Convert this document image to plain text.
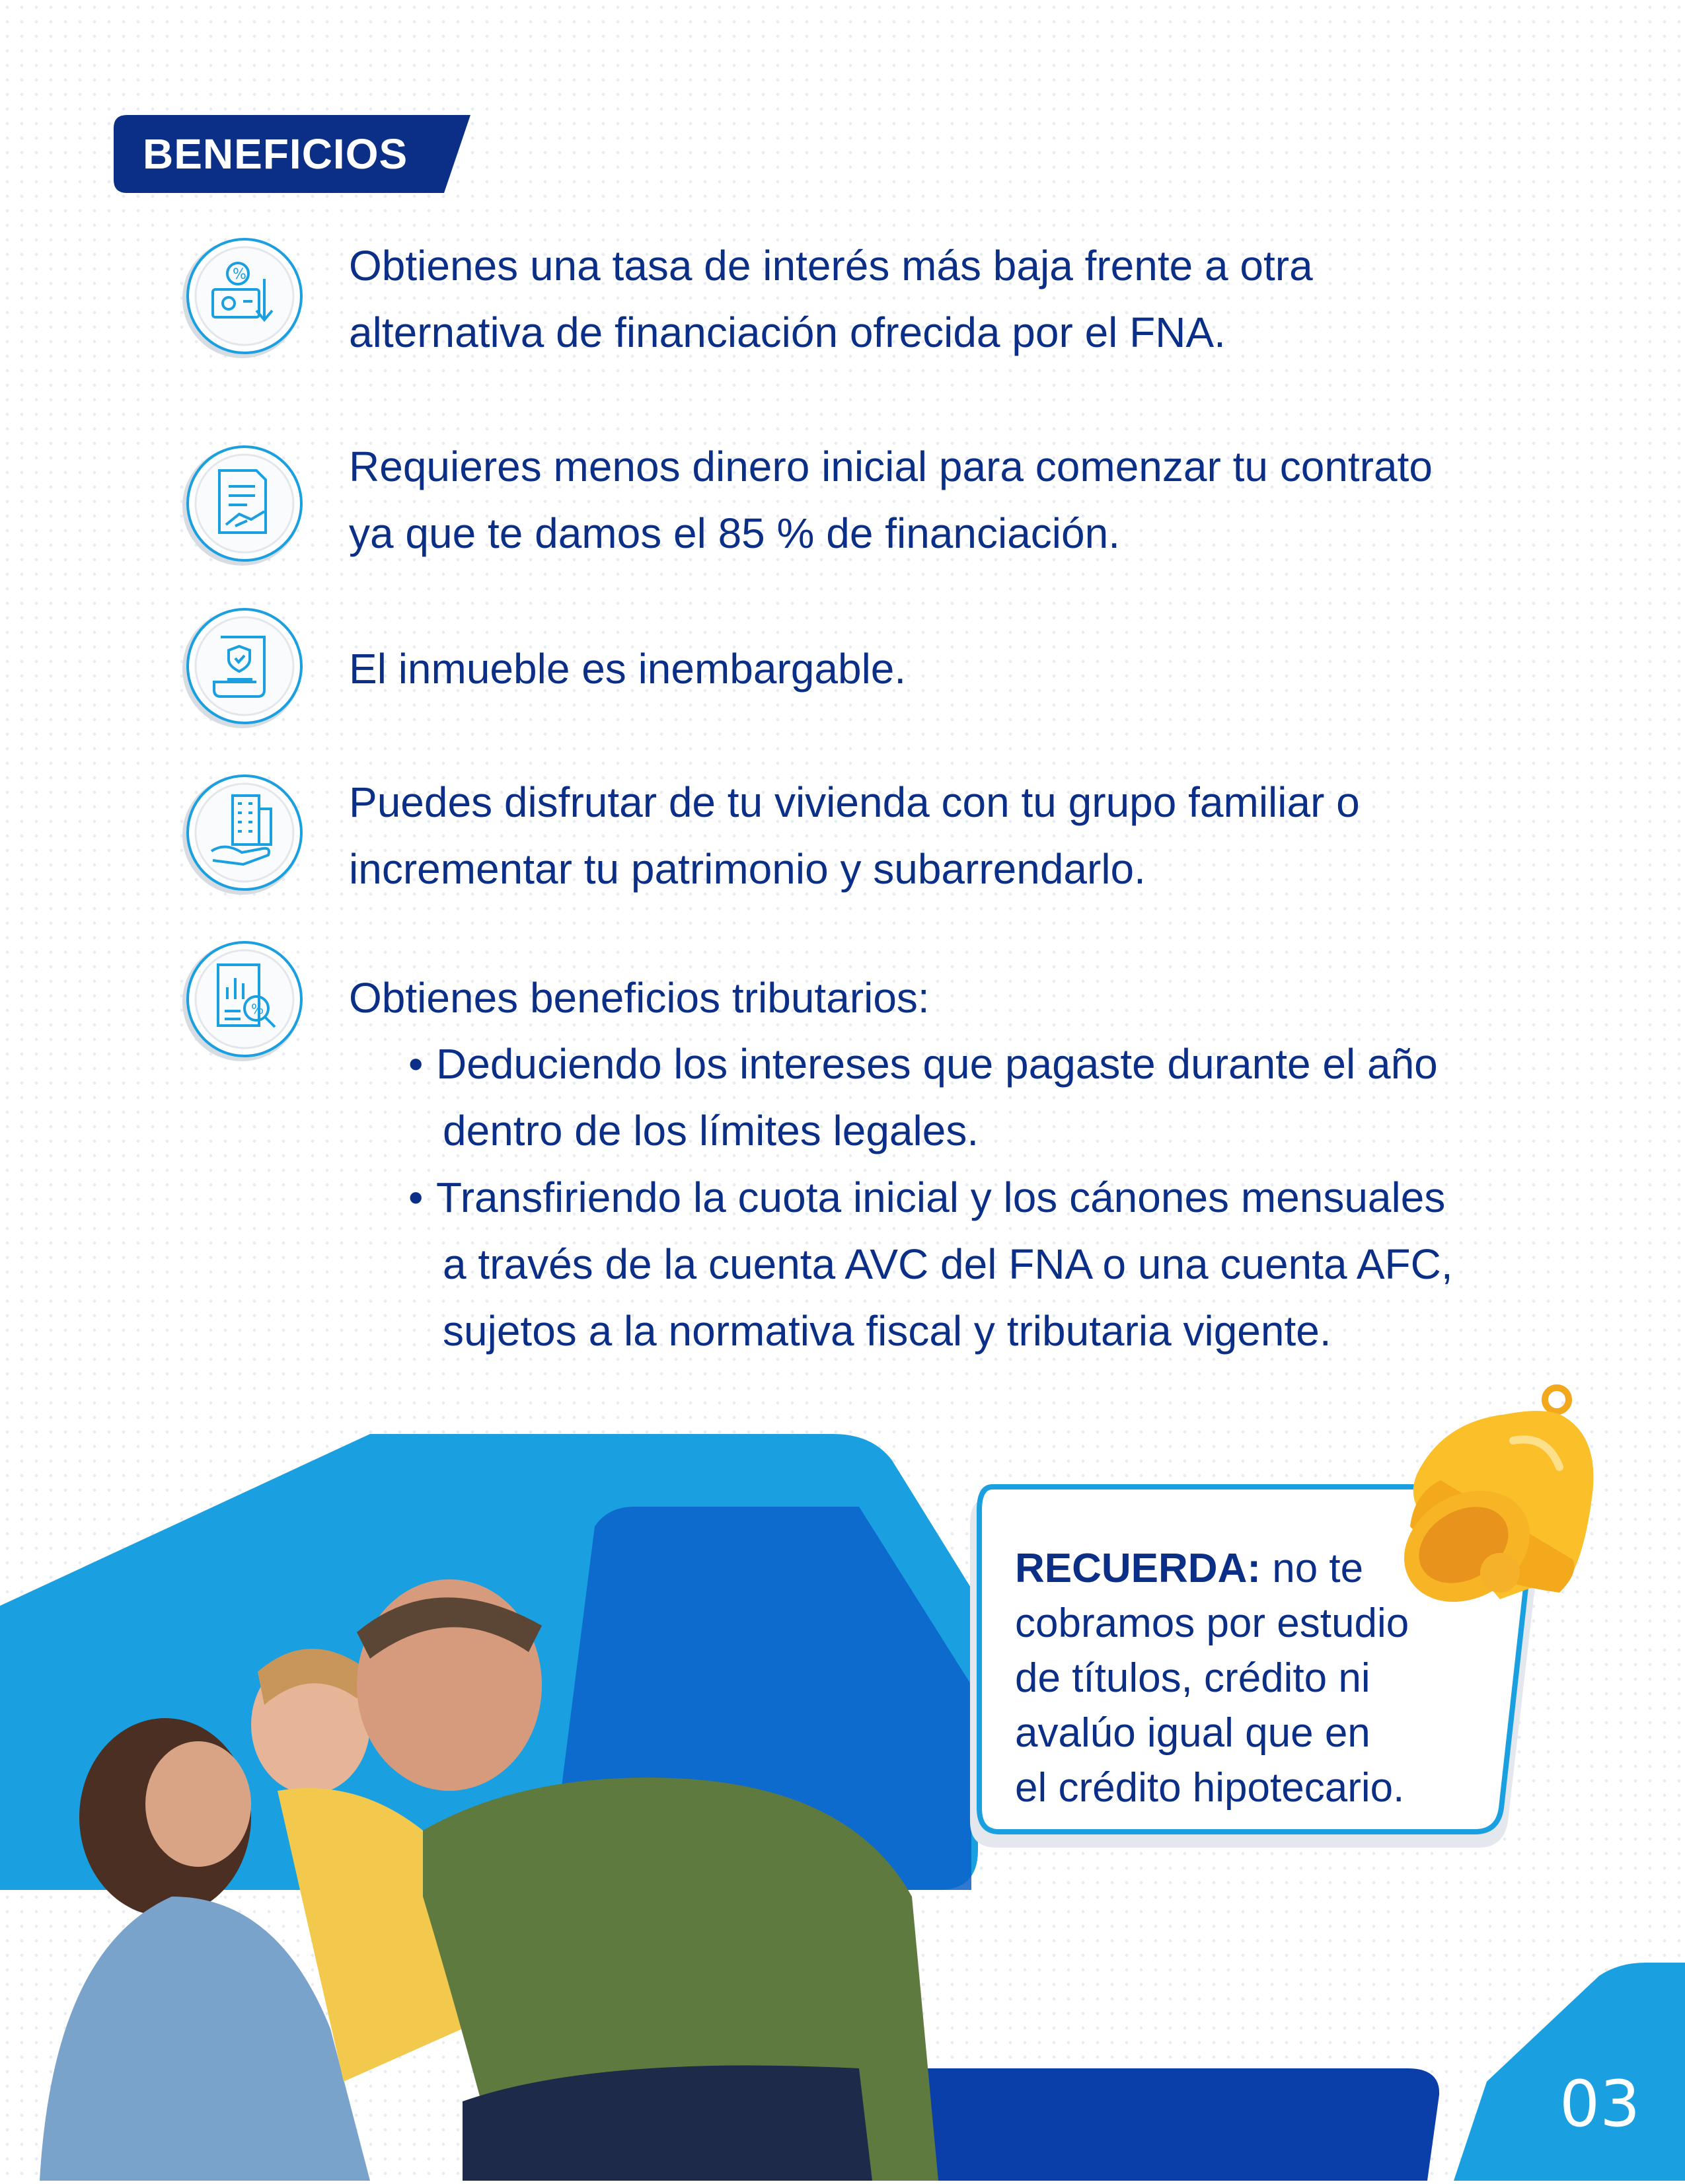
BENEFICIOS
% Obtienes una tasa de interés más baja frente a otra
alternativa de financiación ofrecida por el FNA.
Requieres menos dinero inicial para comenzar tu contrato
ya que te damos el 85 % de financiación.
El inmueble es inembargable.
Puedes disfrutar de tu vivienda con tu grupo familiar o
incrementar tu patrimonio y subarrendarlo.
% Obtienes beneficios tributarios:
• Deduciendo los intereses que pagaste durante el año
dentro de los límites legales.
• Transfiriendo la cuota inicial y los cánones mensuales
a través de la cuenta AVC del FNA o una cuenta AFC,
sujetos a la normativa fiscal y tributaria vigente.
RECUERDA: no te
cobramos por estudio
de títulos, crédito ni
avalúo igual que en
el crédito hipotecario.
03
